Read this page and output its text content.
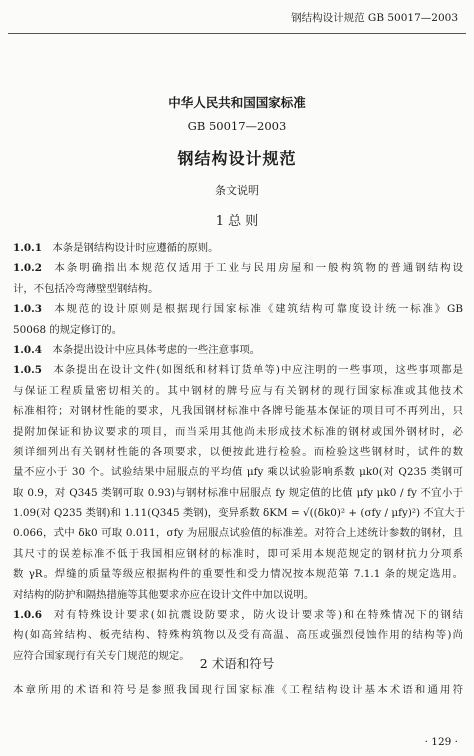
钢结构设计规范 GB 50017—2003
中华人民共和国国家标准
GB 50017—2003
钢结构设计规范
条文说明
1 总 则
1.0.1  本条是钢结构设计时应遵循的原则。
1.0.2  本条明确指出本规范仅适用于工业与民用房屋和一般构筑物的普通钢结构设
计，不包括冷弯薄壁型钢结构。
1.0.3  本规范的设计原则是根据现行国家标准《建筑结构可靠度设计统一标准》GB
50068 的规定修订的。
1.0.4  本条提出设计中应具体考虑的一些注意事项。
1.0.5  本条提出在设计文件(如图纸和材料订货单等)中应注明的一些事项，这些事项都是
与保证工程质量密切相关的。其中钢材的牌号应与有关钢材的现行国家标准或其他技术
标准相符；对钢材性能的要求，凡我国钢材标准中各牌号能基本保证的项目可不再列出，只
提附加保证和协议要求的项目，而当采用其他尚未形成技术标准的钢材或国外钢材时，必
须详细列出有关钢材性能的各项要求，以便按此进行检验。而检验这些钢材时，试件的数
量不应小于 30 个。试验结果中屈服点的平均值 μfy 乘以试验影响系数 μk0(对 Q235 类钢可
取 0.9，对 Q345 类钢可取 0.93)与钢材标准中屈服点 fy 规定值的比值 μfy μk0 / fy 不宜小于
1.09(对 Q235 类钢)和 1.11(Q345 类钢)，变异系数 δKM = √((δk0)² + (σfy / μfy)²) 不宜大于
0.066，式中 δk0 可取 0.011，σfy 为屈服点试验值的标准差。对符合上述统计参数的钢材，且
其尺寸的误差标准不低于我国相应钢材的标准时，即可采用本规范规定的钢材抗力分项系
数 γR。焊缝的质量等级应根据构件的重要性和受力情况按本规范第 7.1.1 条的规定选用。
对结构的防护和隔热措施等其他要求亦应在设计文件中加以说明。
1.0.6  对有特殊设计要求(如抗震设防要求，防火设计要求等)和在特殊情况下的钢结
构(如高耸结构、板壳结构、特殊构筑物以及受有高温、高压或强烈侵蚀作用的结构等)尚
应符合国家现行有关专门规范的规定。
2 术语和符号
本章所用的术语和符号是参照我国现行国家标准《工程结构设计基本术语和通用符
· 129 ·
